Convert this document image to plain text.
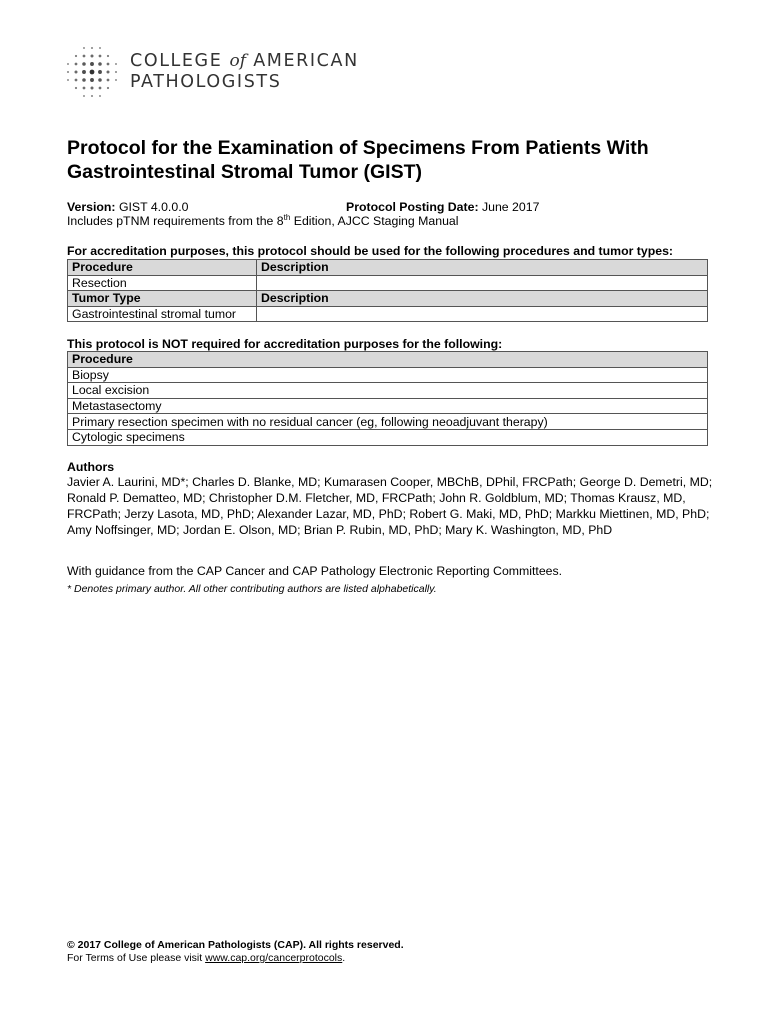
COLLEGE of AMERICAN
PATHOLOGISTS
Protocol for the Examination of Specimens From Patients With
Gastrointestinal Stromal Tumor (GIST)
Version: GIST 4.0.0.0	Protocol Posting Date: June 2017
Includes pTNM requirements from the 8th Edition, AJCC Staging Manual
For accreditation purposes, this protocol should be used for the following procedures and tumor types:
Procedure	Description
Resection	
Tumor Type	Description
Gastrointestinal stromal tumor	
This protocol is NOT required for accreditation purposes for the following:
Procedure
Biopsy
Local excision
Metastasectomy
Primary resection specimen with no residual cancer (eg, following neoadjuvant therapy)
Cytologic specimens
Authors

Javier A. Laurini, MD*; Charles D. Blanke, MD; Kumarasen Cooper, MBChB, DPhil, FRCPath; George D. Demetri, MD; Ronald P. Dematteo, MD; Christopher D.M. Fletcher, MD, FRCPath; John R. Goldblum, MD; Thomas Krausz, MD, FRCPath; Jerzy Lasota, MD, PhD; Alexander Lazar, MD, PhD; Robert G. Maki, MD, PhD; Markku Miettinen, MD, PhD; Amy Noffsinger, MD; Jordan E. Olson, MD; Brian P. Rubin, MD, PhD; Mary K. Washington, MD, PhD

With guidance from the CAP Cancer and CAP Pathology Electronic Reporting Committees.
* Denotes primary author. All other contributing authors are listed alphabetically.
© 2017 College of American Pathologists (CAP). All rights reserved.
For Terms of Use please visit www.cap.org/cancerprotocols.
